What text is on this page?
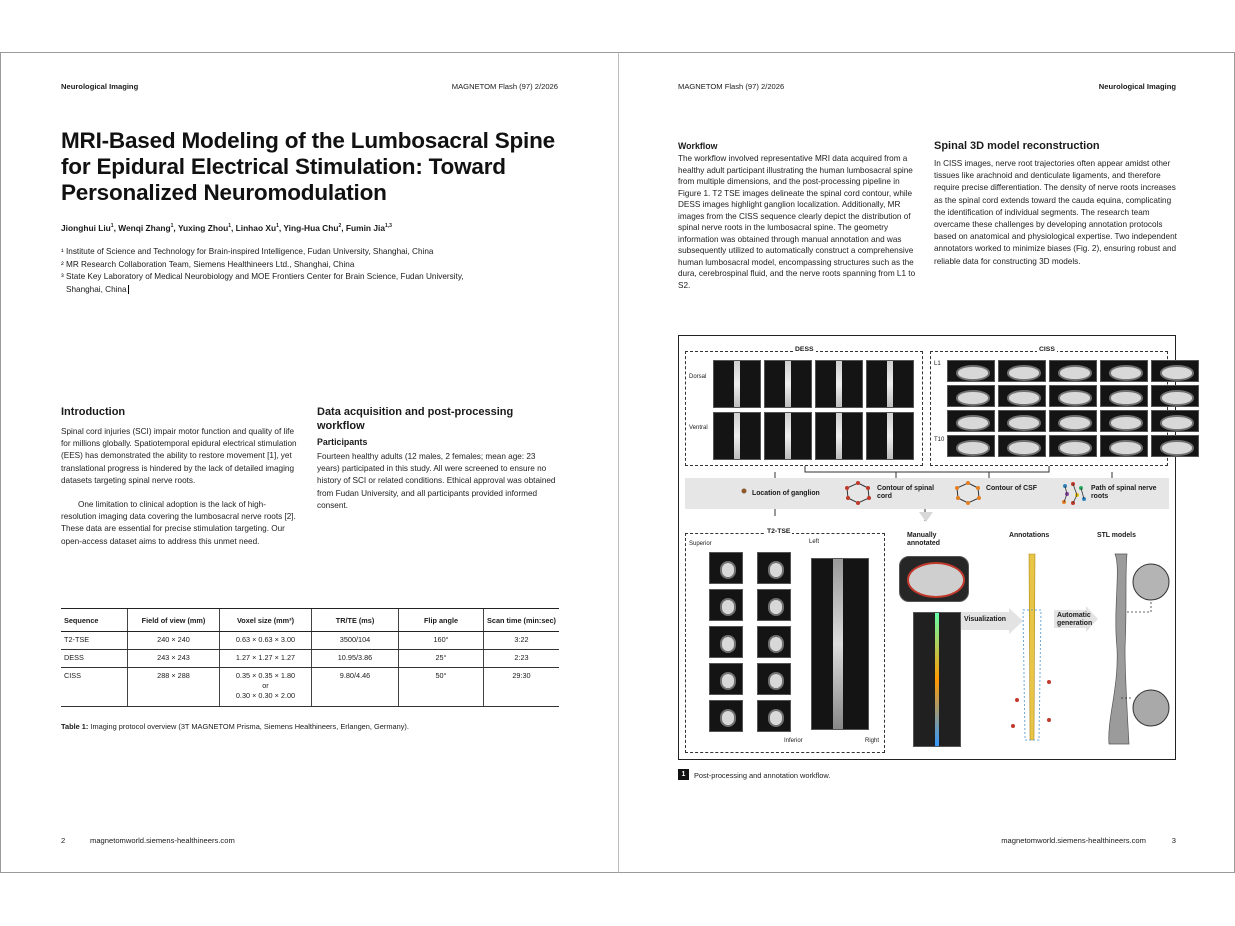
Neurological Imaging	MAGNETOM Flash (97) 2/2026
MRI-Based Modeling of the Lumbosacral Spine for Epidural Electrical Stimulation: Toward Personalized Neuromodulation
Jionghui Liu$^1$, Wenqi Zhang$^1$, Yuxing Zhou$^1$, Linhao Xu$^1$, Ying-Hua Chu$^2$, Fumin Jia$^{1,3}$
¹ Institute of Science and Technology for Brain-inspired Intelligence, Fudan University, Shanghai, China
² MR Research Collaboration Team, Siemens Healthineers Ltd., Shanghai, China
³ State Key Laboratory of Medical Neurobiology and MOE Frontiers Center for Brain Science, Fudan University,
Shanghai, China
Introduction
Spinal cord injuries (SCI) impair motor function and quality of life for millions globally. Spatiotemporal epidural electrical stimulation (EES) has demonstrated the ability to restore movement [1], yet translational progress is hindered by the lack of detailed imaging datasets targeting spinal nerve roots.
One limitation to clinical adoption is the lack of high-resolution imaging data covering the lumbosacral nerve roots [2]. These data are essential for precise stimulation targeting. Our open-access dataset aims to address this unmet need.
Data acquisition and post-processing workflow
Participants
Fourteen healthy adults (12 males, 2 females; mean age: 23 years) participated in this study. All were screened to ensure no history of SCI or related conditions. Ethical approval was obtained from Fudan University, and all participants provided informed consent.
Sequence	Field of view (mm)	Voxel size (mm³)	TR/TE (ms)	Flip angle	Scan time (min:sec)
T2-TSE	240 × 240	0.63 × 0.63 × 3.00	3500/104	160°	3:22
DESS	243 × 243	1.27 × 1.27 × 1.27	10.95/3.86	25°	2:23
CISS	288 × 288	0.35 × 0.35 × 1.80
or
0.30 × 0.30 × 2.00	9.80/4.46	50°	29:30
Table 1: Imaging protocol overview (3T MAGNETOM Prisma, Siemens Healthineers, Erlangen, Germany).
2	magnetomworld.siemens-healthineers.com
MAGNETOM Flash (97) 2/2026	Neurological Imaging
Workflow
The workflow involved representative MRI data acquired from a healthy adult participant illustrating the human lumbosacral spine from multiple dimensions, and the post-processing pipeline in Figure 1. T2 TSE images delineate the spinal cord contour, while DESS images highlight ganglion localization. Additionally, MR images from the CISS sequence clearly depict the distribution of spinal nerve roots in the lumbosacral spine. The geometry information was obtained through manual annotation and was subsequently utilized to automatically construct a comprehensive human lumbosacral model, encompassing structures such as the dura, cerebrospinal fluid, and the nerve roots spanning from L1 to S2.
Spinal 3D model reconstruction
In CISS images, nerve root trajectories often appear amidst other tissues like arachnoid and denticulate ligaments, and therefore require precise differentiation. The density of nerve roots increases as the spinal cord extends toward the cauda equina, complicating the identification of individual segments. The research team overcame these challenges by developing annotation protocols based on anatomical and physiological expertise. Two independent annotators worked to minimize biases (Fig. 2), ensuring robust and reliable data for constructing 3D models.
DESS
Dorsal
Ventral
CISS
L1
T10
Location of ganglion
Contour of spinal cord
Contour of CSF	Path of spinal nerve roots
T2-TSE
Superior
Inferior
Left
Right
Manually annotated
Visualization
Annotations
Automatic generation
STL models
1	Post-processing and annotation workflow.
magnetomworld.siemens-healthineers.com	3
